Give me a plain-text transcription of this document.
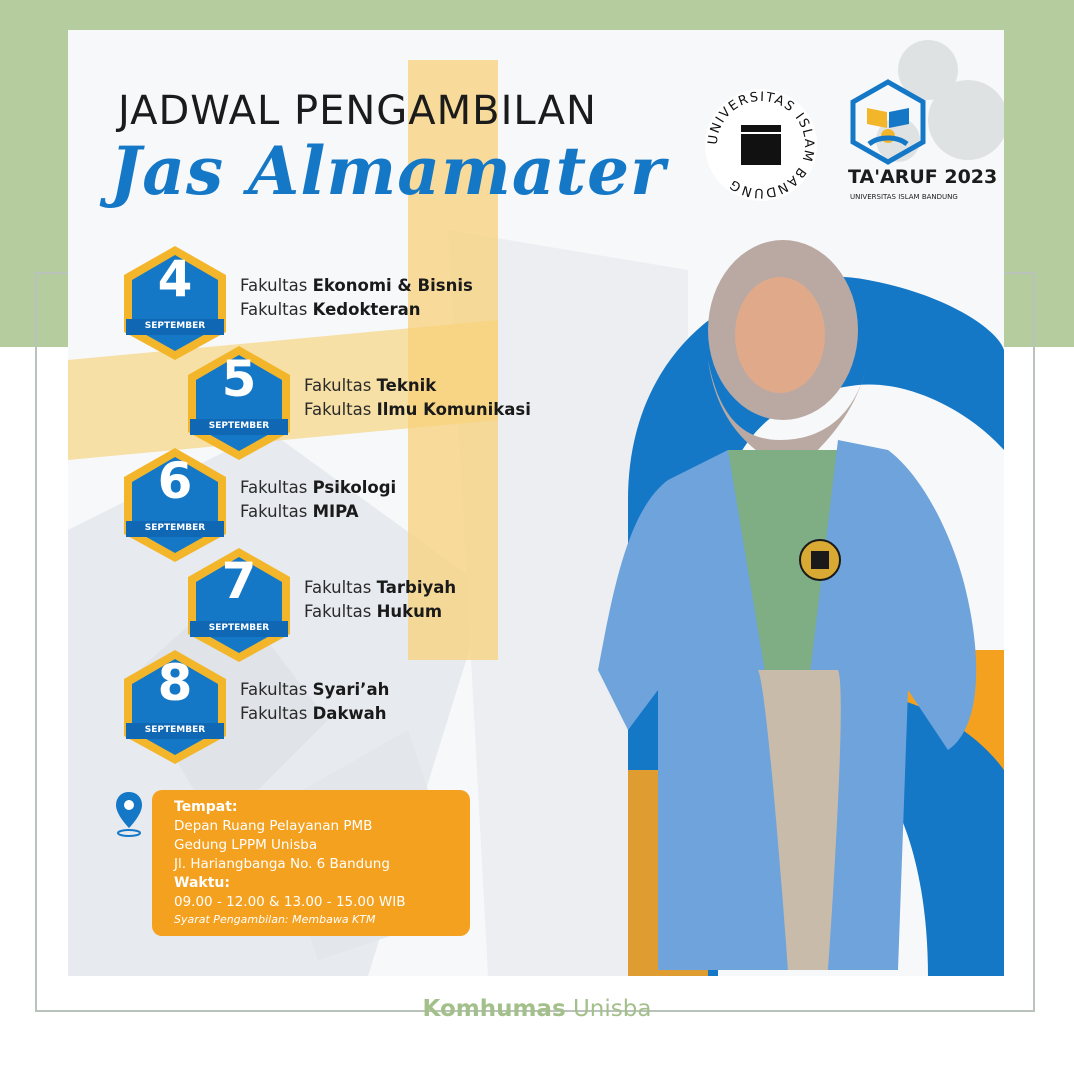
JADWAL PENGAMBILAN
Jas Almamater	UNIVERSITAS ISLAM BANDUNG	TA'ARUF 2023
UNIVERSITAS ISLAM BANDUNG
4
SEPTEMBER
Fakultas Ekonomi & Bisnis
Fakultas Kedokteran
5
SEPTEMBER
Fakultas Teknik
Fakultas Ilmu Komunikasi
6
SEPTEMBER
Fakultas Psikologi
Fakultas MIPA
7
SEPTEMBER
Fakultas Tarbiyah
Fakultas Hukum
8
SEPTEMBER
Fakultas Syari’ah
Fakultas Dakwah
Tempat:
Depan Ruang Pelayanan PMB
Gedung LPPM Unisba
Jl. Hariangbanga No. 6 Bandung
Waktu:
09.00 - 12.00 & 13.00 - 15.00 WIB
Syarat Pengambilan: Membawa KTM
Komhumas Unisba
